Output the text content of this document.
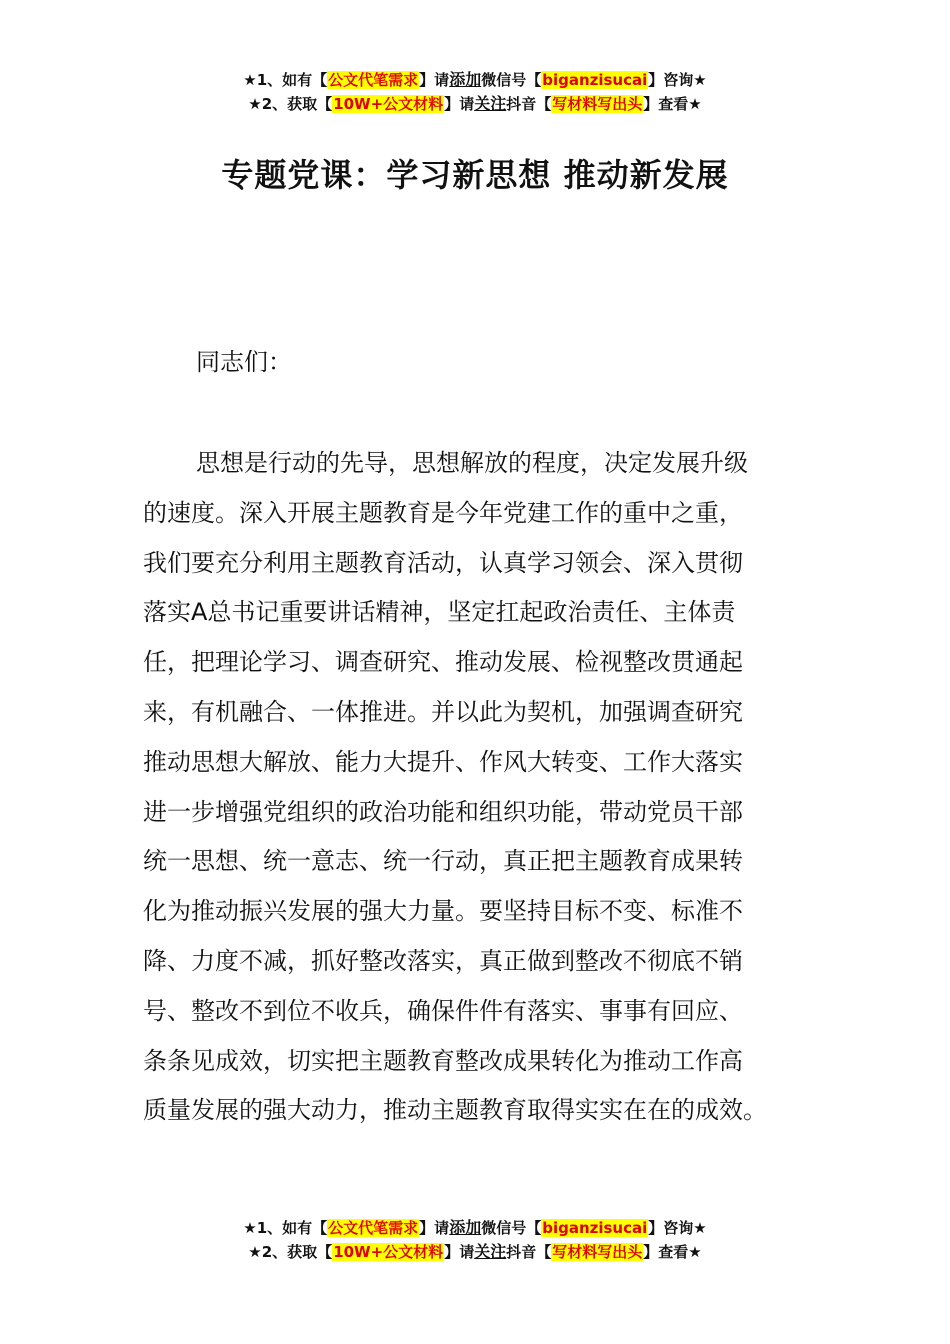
★1、如有【公文代笔需求】请添加微信号【biganzisucai】咨询★
★2、获取【10W+公文材料】请关注抖音【写材料写出头】查看★
专题党课：学习新思想 推动新发展
同志们：
思想是行动的先导，思想解放的程度，决定发展升级
的速度。深入开展主题教育是今年党建工作的重中之重，
我们要充分利用主题教育活动，认真学习领会、深入贯彻
落实A总书记重要讲话精神，坚定扛起政治责任、主体责
任，把理论学习、调查研究、推动发展、检视整改贯通起
来，有机融合、一体推进。并以此为契机，加强调查研究
推动思想大解放、能力大提升、作风大转变、工作大落实
进一步增强党组织的政治功能和组织功能，带动党员干部
统一思想、统一意志、统一行动，真正把主题教育成果转
化为推动振兴发展的强大力量。要坚持目标不变、标准不
降、力度不减，抓好整改落实，真正做到整改不彻底不销
号、整改不到位不收兵，确保件件有落实、事事有回应、
条条见成效，切实把主题教育整改成果转化为推动工作高
质量发展的强大动力，推动主题教育取得实实在在的成效。
★1、如有【公文代笔需求】请添加微信号【biganzisucai】咨询★
★2、获取【10W+公文材料】请关注抖音【写材料写出头】查看★
